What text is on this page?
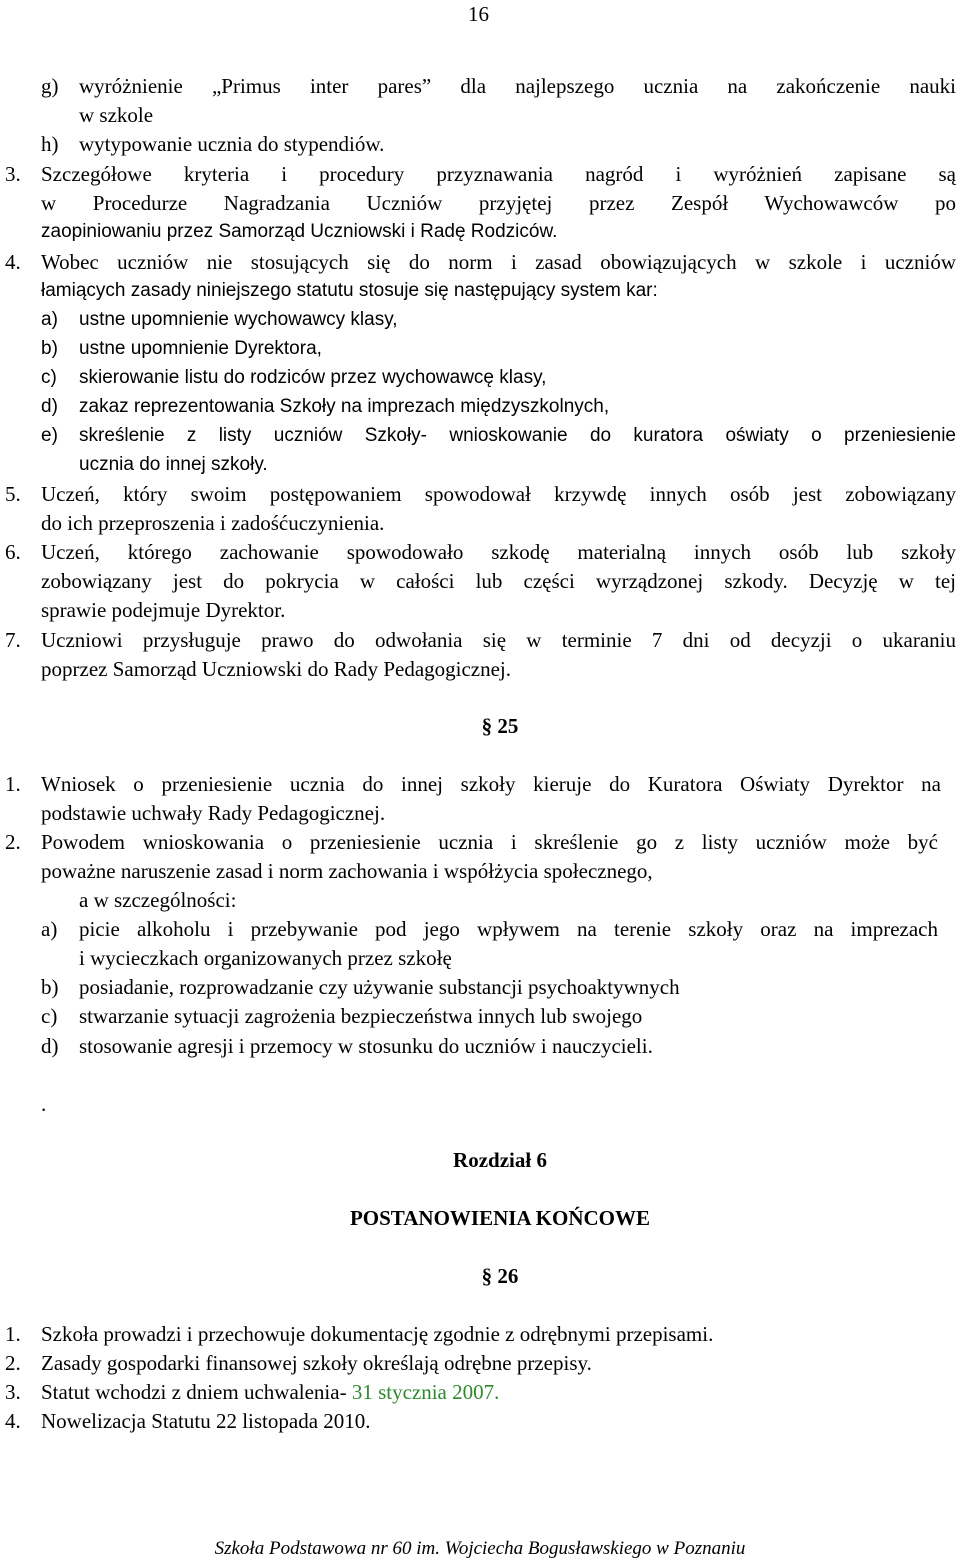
16
g) wyróżnienie „Primus inter pares” dla najlepszego ucznia na zakończenie nauki
w szkole
h) wytypowanie ucznia do stypendiów.
3. Szczegółowe kryteria i procedury przyznawania nagród i wyróżnień zapisane są
w Procedurze Nagradzania Uczniów przyjętej przez Zespół Wychowawców po
zaopiniowaniu przez Samorząd Uczniowski i Radę Rodziców.
4. Wobec uczniów nie stosujących się do norm i zasad obowiązujących w szkole i uczniów
łamiących zasady niniejszego statutu stosuje się następujący system kar:
a)	ustne upomnienie wychowawcy klasy,
b)	ustne upomnienie Dyrektora,
c)	skierowanie listu do rodziców przez wychowawcę klasy,
d)	zakaz reprezentowania Szkoły na imprezach międzyszkolnych,
e)	skreślenie z listy uczniów Szkoły- wnioskowanie do kuratora oświaty o przeniesienie
ucznia do innej szkoły.
5. Uczeń, który swoim postępowaniem spowodował krzywdę innych osób jest zobowiązany
do ich przeproszenia i zadośćuczynienia.
6. Uczeń, którego zachowanie spowodowało szkodę materialną innych osób lub szkoły
zobowiązany jest do pokrycia w całości lub części wyrządzonej szkody. Decyzję w tej
sprawie podejmuje Dyrektor.
7. Uczniowi przysługuje prawo do odwołania się w terminie 7 dni od decyzji o ukaraniu
poprzez Samorząd Uczniowski do Rady Pedagogicznej.
§ 25
1. Wniosek o przeniesienie ucznia do innej szkoły kieruje do Kuratora Oświaty Dyrektor na
podstawie uchwały Rady Pedagogicznej.
2. Powodem wnioskowania o przeniesienie ucznia i skreślenie go z listy uczniów może być
poważne naruszenie zasad i norm zachowania i współżycia społecznego,
a w szczególności:
a)	picie alkoholu i przebywanie pod jego wpływem na terenie szkoły oraz na imprezach
i wycieczkach organizowanych przez szkołę
b) posiadanie, rozprowadzanie czy używanie substancji psychoaktywnych
c)	stwarzanie sytuacji zagrożenia bezpieczeństwa innych lub swojego
d) stosowanie agresji i przemocy w stosunku do uczniów i nauczycieli.
.
Rozdział 6
POSTANOWIENIA KOŃCOWE
§ 26
1. Szkoła prowadzi i przechowuje dokumentację zgodnie z odrębnymi przepisami.
2. Zasady gospodarki finansowej szkoły określają odrębne przepisy.
3. Statut wchodzi z dniem uchwalenia- 31 stycznia 2007.
4. Nowelizacja Statutu 22 listopada 2010.
Szkoła Podstawowa nr 60 im. Wojciecha Bogusławskiego w Poznaniu
